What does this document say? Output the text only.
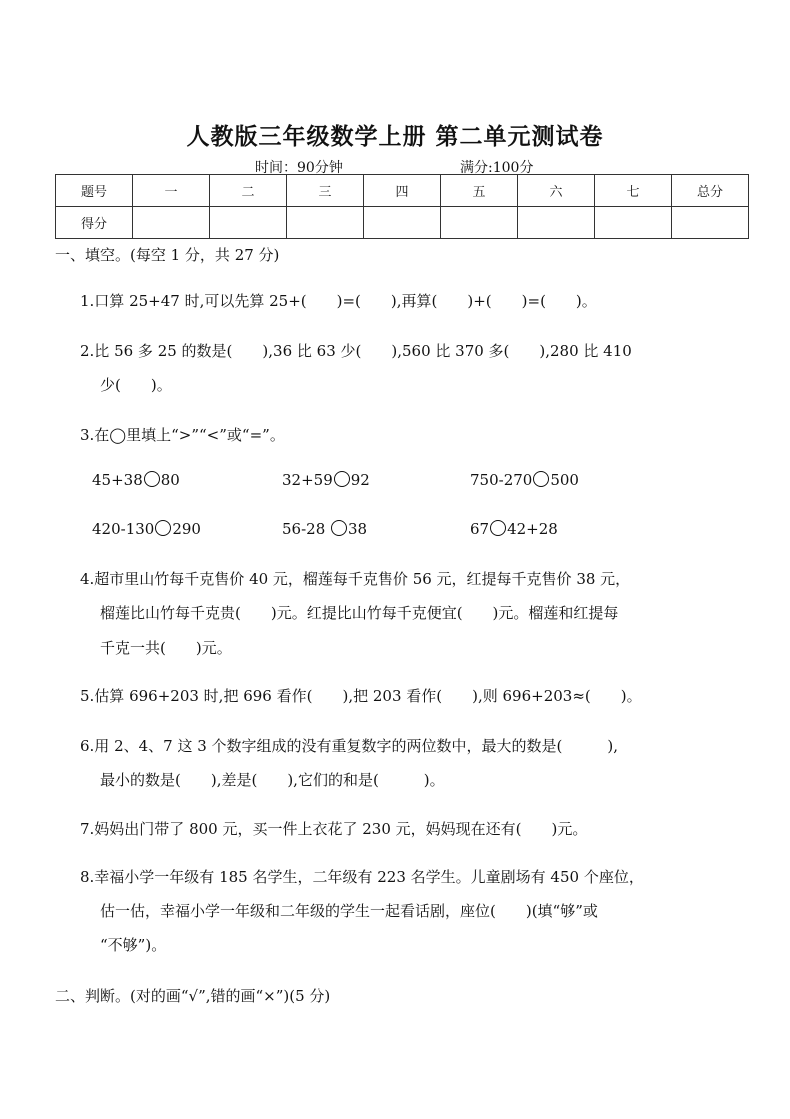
人教版三年级数学上册 第二单元测试卷
时间：90分钟	满分:100分
题号	一	二	三	四	五	六	七	总分
得分								
一、填空。(每空 1 分，共 27 分)
1.口算 25+47 时,可以先算 25+(　　)=(　　),再算(　　)+(　　)=(　　)。
2.比 56 多 25 的数是(　　),36 比 63 少(　　),560 比 370 多(　　),280 比 410
少(　　)。
3.在◯里填上“>”“<”或“=”。
45+38 80	32+59 92	750-270 500
420-130 290	56-28 38	67 42+28
4.超市里山竹每千克售价 40 元，榴莲每千克售价 56 元，红提每千克售价 38 元，
榴莲比山竹每千克贵(　　)元。红提比山竹每千克便宜(　　)元。榴莲和红提每
千克一共(　　)元。
5.估算 696+203 时,把 696 看作(　　),把 203 看作(　　),则 696+203≈(　　)。
6.用 2、4、7 这 3 个数字组成的没有重复数字的两位数中，最大的数是(　　　),
最小的数是(　　),差是(　　),它们的和是(　　　)。
7.妈妈出门带了 800 元，买一件上衣花了 230 元，妈妈现在还有(　　)元。
8.幸福小学一年级有 185 名学生，二年级有 223 名学生。儿童剧场有 450 个座位，
估一估，幸福小学一年级和二年级的学生一起看话剧，座位(　　)(填“够”或
“不够”)。
二、判断。(对的画“√”,错的画“×”)(5 分)
